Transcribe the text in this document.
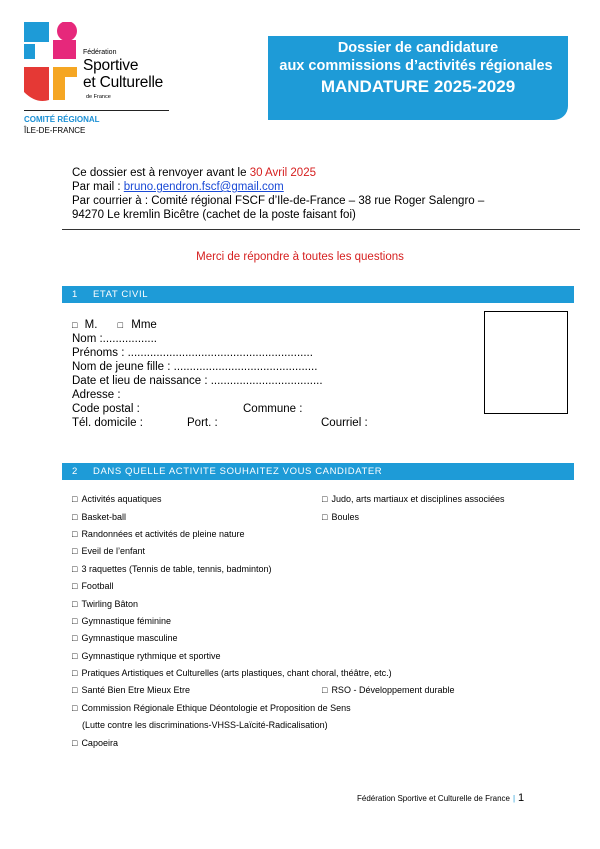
Fédération
Sportive
et Culturelle
de France
COMITÉ RÉGIONAL
ÎLE-DE-FRANCE
Dossier de candidature
aux commissions d’activités régionales
MANDATURE 2025-2029
Ce dossier est à renvoyer avant le 30 Avril 2025
Par mail : bruno.gendron.fscf@gmail.com
Par courrier à : Comité régional FSCF d’Ile-de-France – 38 rue Roger Salengro –
94270 Le kremlin Bicêtre (cachet de la poste faisant foi)
Merci de répondre à toutes les questions
1 ETAT CIVIL
□ M. □ Mme
Nom :.................
Prénoms : ..........................................................
Nom de jeune fille : .............................................
Date et lieu de naissance : ...................................
Adresse :
Code postal :	Commune :
Tél. domicile :	Port. :	Courriel :
2 DANS QUELLE ACTIVITE SOUHAITEZ VOUS CANDIDATER
□ Activités aquatiques
□ Basket-ball
□ Randonnées et activités de pleine nature
□ Eveil de l’enfant
□ 3 raquettes (Tennis de table, tennis, badminton)
□ Football
□ Twirling Bâton
□ Gymnastique féminine
□ Gymnastique masculine
□ Gymnastique rythmique et sportive
□ Pratiques Artistiques et Culturelles (arts plastiques, chant choral, théâtre, etc.)
□ Santé Bien Etre Mieux Etre
□ Commission Régionale Ethique Déontologie et Proposition de Sens
(Lutte contre les discriminations-VHSS-Laïcité-Radicalisation)
□ Capoeira
□ Judo, arts martiaux et disciplines associées
□ Boules
□ RSO - Développement durable
Fédération Sportive et Culturelle de France | 1
